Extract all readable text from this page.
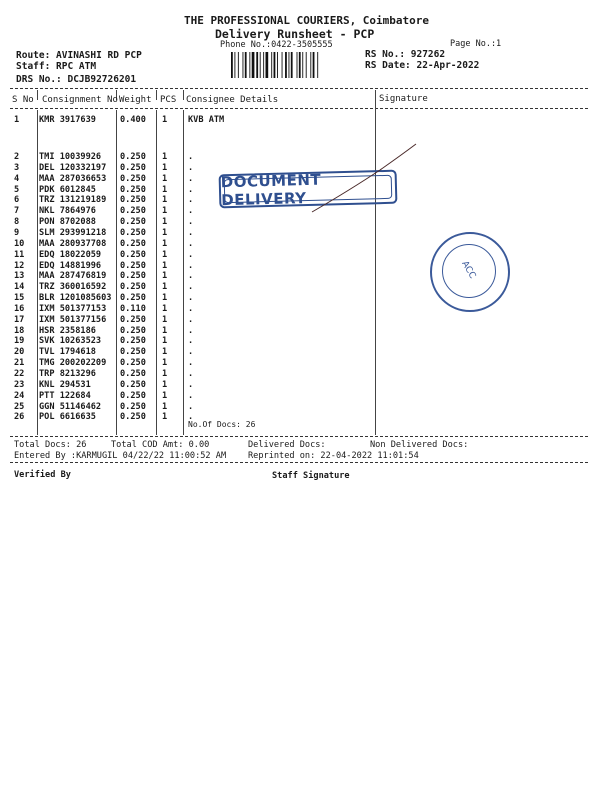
THE PROFESSIONAL COURIERS, Coimbatore
Delivery Runsheet - PCP
Phone No.:0422-3505555	Page No.:1
Route: AVINASHI RD PCP
Staff: RPC ATM
DRS No.: DCJB92726201
RS No.: 927262
RS Date: 22-Apr-2022
S No Consignment No Weight PCS Consignee Details	Signature
1 KMR 3917639	0.400 1 KVB ATM
2 TMI 10039926 0.250 1 .
3 DEL 120332197 0.250 1 .
4 MAA 287036653 0.250 1 .
5 PDK 6012845	0.250 1 .
6 TRZ 131219189 0.250 1 .
7 NKL 7864976	0.250 1 .
8 PON 8702088	0.250 1 .
9 SLM 293991218 0.250 1 .
10 MAA 280937708 0.250 1 .
11 EDQ 18022059 0.250 1 .
12 EDQ 14881996 0.250 1 .
13 MAA 287476819 0.250 1 .
14 TRZ 360016592 0.250 1 .
15 BLR 1201085603 0.250 1 .
16 IXM 501377153 0.110 1 .
17 IXM 501377156 0.250 1 .
18 HSR 2358186	0.250 1 .
19 SVK 10263523 0.250 1 .
20 TVL 1794618	0.250 1 .
21 TMG 200202209 0.250 1 .
22 TRP 8213296	0.250 1 .
23 KNL 294531	0.250 1 .
24 PTT 122684	0.250 1 .
25 GGN 51146462 0.250 1 .
26 POL 6616635	0.250 1 .
No.Of Docs: 26
DOCUMENT DELIVERY
ACC
Total Docs: 26	Total COD Amt: 0.00	Delivered Docs:	Non Delivered Docs:
Entered By :KARMUGIL 04/22/22 11:00:52 AM	Reprinted on: 22-04-2022 11:01:54
Verified By	Staff Signature
